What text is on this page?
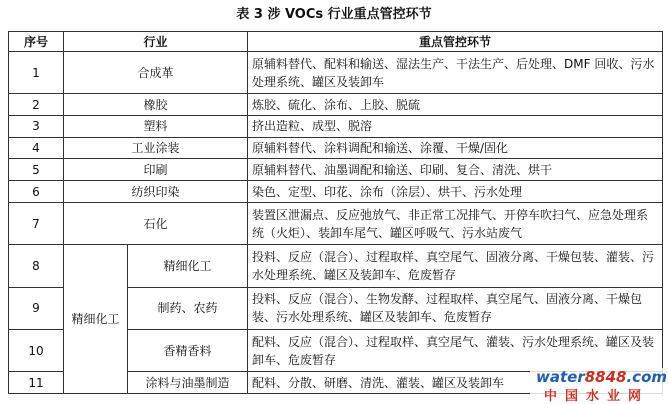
表 3 涉 VOCs 行业重点管控环节
序号	行业		重点管控环节
1	合成革		原辅料替代、配料和输送、湿法生产、干法生产、后处理、DMF 回收、污水处理系统、罐区及装卸车
2	橡胶		炼胶、硫化、涂布、上胶、脱硫
3	塑料		挤出造粒、成型、脱溶
4	工业涂装		原辅料替代、涂料调配和输送、涂覆、干燥/固化
5	印刷		原辅料替代、油墨调配和输送、印刷、复合、清洗、烘干
6	纺织印染		染色、定型、印花、涂布（涂层）、烘干、污水处理
7	石化		装置区泄漏点、反应弛放气、非正常工况排气、开停车吹扫气、应急处理系统（火炬）、装卸车尾气、罐区呼吸气、污水站废气
8	精细化工	精细化工	投料、反应（混合）、过程取样、真空尾气、固液分离、干燥包装、灌装、污水处理系统、罐区及装卸车、危废暂存
9		制药、农药	投料、反应（混合）、生物发酵、过程取样、真空尾气、固液分离、干燥包装、污水处理系统、罐区及装卸车、危废暂存
10		香精香料	配料、反应（混合）、过程取样、真空尾气、灌装、污水处理系统、罐区及装卸车、危废暂存
11		涂料与油墨制造	配料、分散、研磨、清洗、灌装、罐区及装卸车 water8848.com
中国水业网
